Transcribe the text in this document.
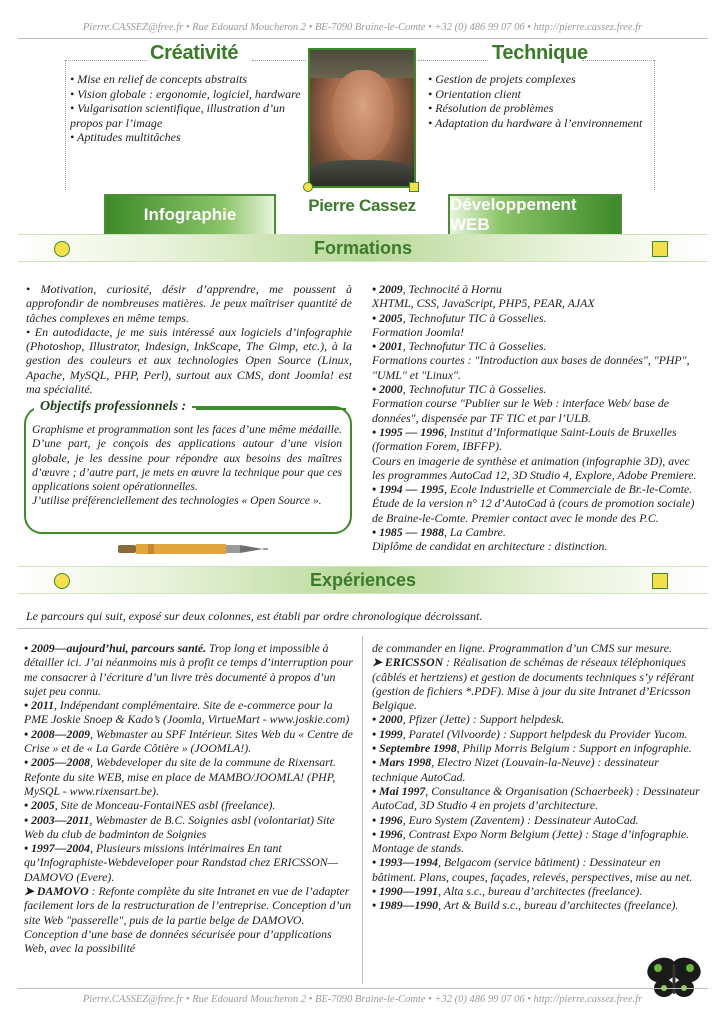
Pierre.CASSEZ@free.fr • Rue Edouard Moucheron 2 • BE-7090 Braine-le-Comte • +32 (0) 486 99 07 06 • http://pierre.cassez.free.fr
Créativité
• Mise en relief de concepts abstraits
• Vision globale : ergonomie, logiciel, hardware
• Vulgarisation scientifique, illustration d’un propos par l’image
• Aptitudes multitâches
Technique
• Gestion de projets complexes
• Orientation client
• Résolution de problèmes
• Adaptation du hardware à l’environnement
Pierre Cassez
Infographie
Développement WEB
Formations

• Motivation, curiosité, désir d’apprendre, me poussent à approfondir de nombreuses matières. Je peux maîtriser quantité de tâches complexes en même temps.

• En autodidacte, je me suis intéressé aux logiciels d’infographie (Photoshop, Illustrator, Indesign, InkScape, The Gimp, etc.), à la gestion des couleurs et aux technologies Open Source (Linux, Apache, MySQL, PHP, Perl), surtout aux CMS, dont Joomla! est ma spécialité.

Objectifs professionnels :

Graphisme et programmation sont les faces d’une même médaille. D’une part, je conçois des applications autour d’une vision globale, je les dessine pour répondre aux besoins des maîtres d’œuvre ; d’autre part, je mets en œuvre la technique pour que ces applications soient opérationnelles.

J’utilise préférenciellement des technologies « Open Source ».

• 2009, Technocité à Hornu

XHTML, CSS, JavaScript, PHP5, PEAR, AJAX

• 2005, Technofutur TIC à Gosselies.

Formation Joomla!

• 2001, Technofutur TIC à Gosselies.

Formations courtes : "Introduction aux bases de données", "PHP", "UML" et "Linux".

• 2000, Technofutur TIC à Gosselies.

Formation course "Publier sur le Web : interface Web/ base de données", dispensée par TF TIC et par l’ULB.

• 1995 — 1996, Institut d’Informatique Saint-Louis de Bruxelles (formation Forem, IBFFP).

Cours en imagerie de synthèse et animation (infographie 3D), avec les programmes AutoCad 12, 3D Studio 4, Explore, Adobe Premiere.

• 1994 — 1995, Ecole Industrielle et Commerciale de Br.-le-Comte.

Étude de la version n° 12 d’AutoCad à (cours de promotion sociale) de Braine-le-Comte. Premier contact avec le monde des P.C.

• 1985 — 1988, La Cambre.

Diplôme de candidat en architecture : distinction.

Expériences
Le parcours qui suit, exposé sur deux colonnes, est établi par ordre chronologique décroissant.

• 2009—aujourd’hui, parcours santé. Trop long et impossible à détailler ici. J’ai néanmoins mis à profit ce temps d’interruption pour me consacrer à l’écriture d’un livre très documenté à propos d’un sujet peu connu.

• 2011, Indépendant complémentaire. Site de e-commerce pour la PME Joskie Snoep & Kado’s (Joomla, VirtueMart - www.joskie.com)

• 2008—2009, Webmaster au SPF Intérieur. Sites Web du « Centre de Crise » et de « La Garde Côtière » (JOOMLA!).

• 2005—2008, Webdeveloper du site de la commune de Rixensart. Refonte du site WEB, mise en place de MAMBO/JOOMLA! (PHP, MySQL - www.rixensart.be).

• 2005, Site de Monceau-FontaiNES asbl (freelance).

• 2003—2011, Webmaster de B.C. Soignies asbl (volontariat) Site Web du club de badminton de Soignies

• 1997—2004, Plusieurs missions intérimaires En tant qu’Infographiste-Webdeveloper pour Randstad chez ERICSSON—DAMOVO (Evere).

➤ DAMOVO : Refonte complète du site Intranet en vue de l’adapter facilement lors de la restructuration de l’entreprise. Conception d’un site Web "passerelle", puis de la partie belge de DAMOVO. Conception d’une base de données sécurisée pour d’applications Web, avec la possibilité

de commander en ligne. Programmation d’un CMS sur mesure.

➤ ERICSSON : Réalisation de schémas de réseaux téléphoniques (câblés et hertziens) et gestion de documents techniques s’y référant (gestion de fichiers *.PDF). Mise à jour du site Intranet d’Ericsson Belgique.

• 2000, Pfizer (Jette) : Support helpdesk.

• 1999, Paratel (Vilvoorde) : Support helpdesk du Provider Yucom.

• Septembre 1998, Philip Morris Belgium : Support en infographie.

• Mars 1998, Electro Nizet (Louvain-la-Neuve) : dessinateur technique AutoCad.

• Mai 1997, Consultance & Organisation (Schaerbeek) : Dessinateur AutoCad, 3D Studio 4 en projets d’architecture.

• 1996, Euro System (Zaventem) : Dessinateur AutoCad.

• 1996, Contrast Expo Norm Belgium (Jette) : Stage d’infographie. Montage de stands.

• 1993—1994, Belgacom (service bâtiment) : Dessinateur en bâtiment. Plans, coupes, façades, relevés, perspectives, mise au net.

• 1990—1991, Alta s.c., bureau d’architectes (freelance).

• 1989—1990, Art & Build s.c., bureau d’architectes (freelance).

Pierre.CASSEZ@free.fr • Rue Edouard Moucheron 2 • BE-7090 Braine-le-Comte • +32 (0) 486 99 07 06 • http://pierre.cassez.free.fr
